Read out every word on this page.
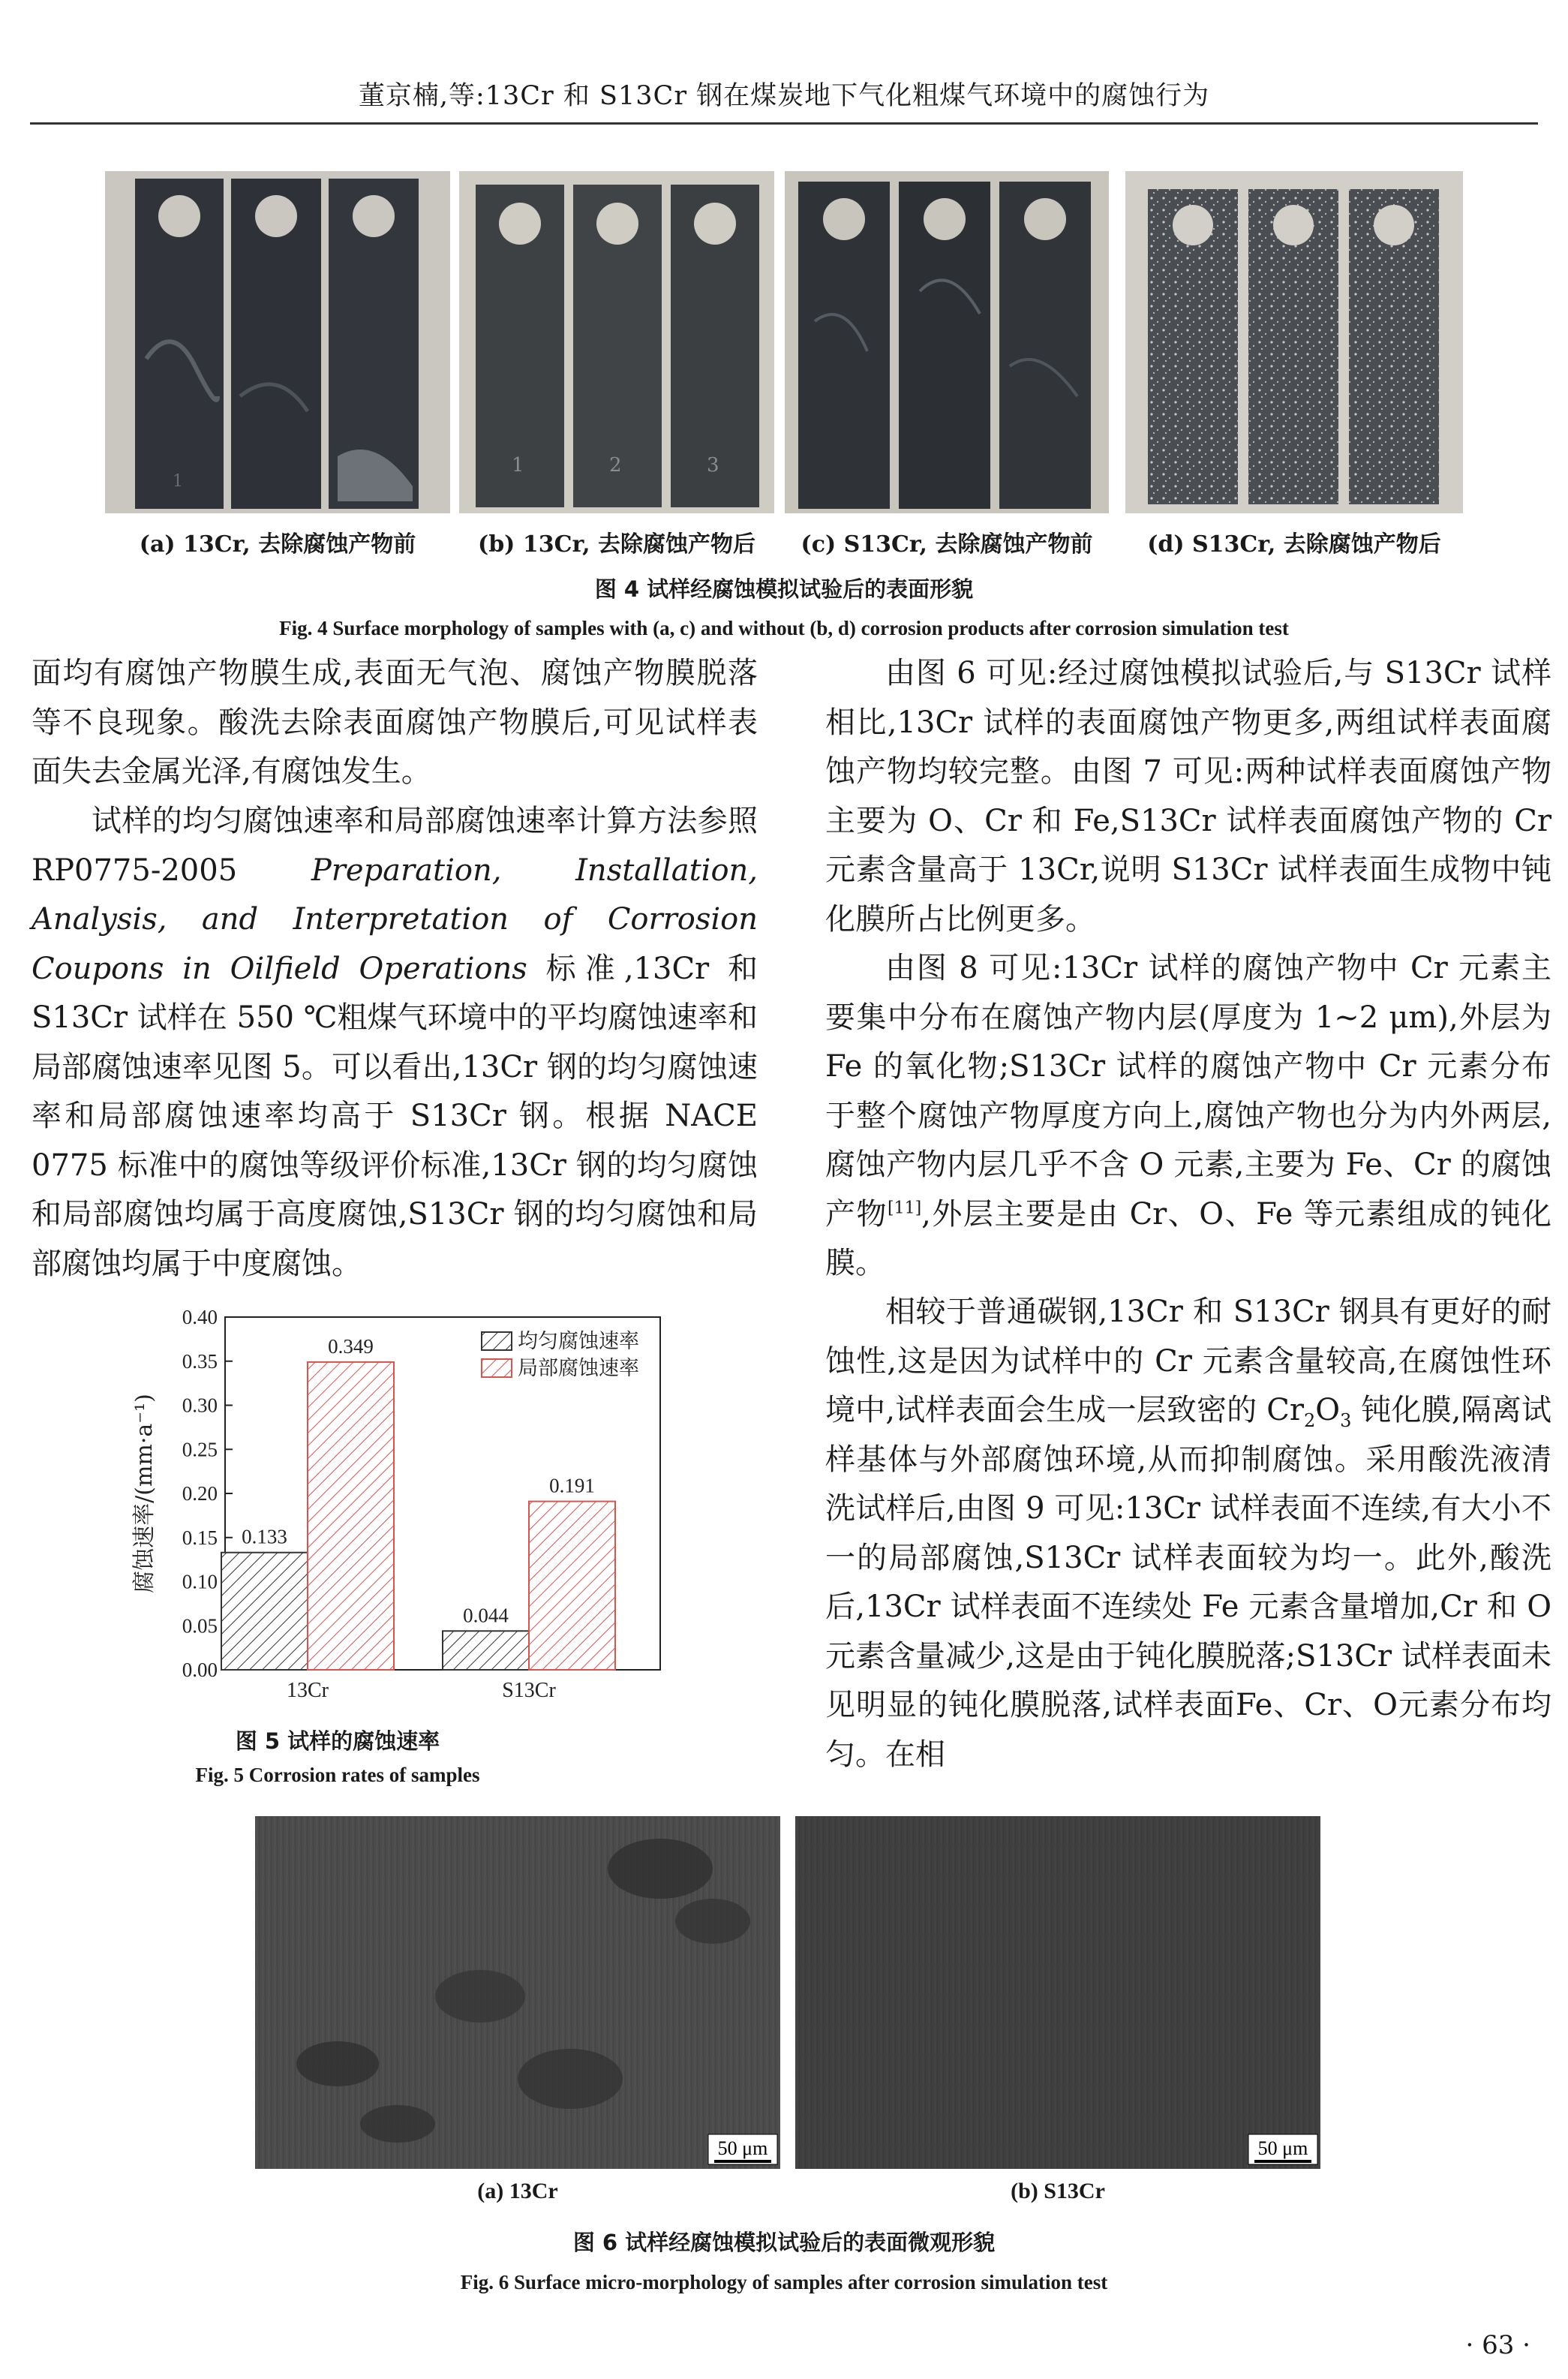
董京楠,等:13Cr 和 S13Cr 钢在煤炭地下气化粗煤气环境中的腐蚀行为
1
1	2	3
(a) 13Cr, 去除腐蚀产物前	(b) 13Cr, 去除腐蚀产物后	(c) S13Cr, 去除腐蚀产物前	(d) S13Cr, 去除腐蚀产物后
图 4 试样经腐蚀模拟试验后的表面形貌
Fig. 4 Surface morphology of samples with (a, c) and without (b, d) corrosion products after corrosion simulation test

面均有腐蚀产物膜生成,表面无气泡、腐蚀产物膜脱落等不良现象。酸洗去除表面腐蚀产物膜后,可见试样表面失去金属光泽,有腐蚀发生。

试样的均匀腐蚀速率和局部腐蚀速率计算方法参照 RP0775-2005 Preparation, Installation, Analysis, and Interpretation of Corrosion Coupons in Oilfield Operations 标准,13Cr 和 S13Cr 试样在 550 ℃粗煤气环境中的平均腐蚀速率和局部腐蚀速率见图 5。可以看出,13Cr 钢的均匀腐蚀速率和局部腐蚀速率均高于 S13Cr 钢。根据 NACE 0775 标准中的腐蚀等级评价标准,13Cr 钢的均匀腐蚀和局部腐蚀均属于高度腐蚀,S13Cr 钢的均匀腐蚀和局部腐蚀均属于中度腐蚀。

0.00
0.05
0.10
0.15
0.20
0.25
0.30
0.35
0.40
腐蚀速率/(mm·a⁻¹)
13Cr
0.133
0.349
S13Cr
0.044
0.191
均匀腐蚀速率
局部腐蚀速率
图 5 试样的腐蚀速率
Fig. 5 Corrosion rates of samples

由图 6 可见:经过腐蚀模拟试验后,与 S13Cr 试样相比,13Cr 试样的表面腐蚀产物更多,两组试样表面腐蚀产物均较完整。由图 7 可见:两种试样表面腐蚀产物主要为 O、Cr 和 Fe,S13Cr 试样表面腐蚀产物的 Cr 元素含量高于 13Cr,说明 S13Cr 试样表面生成物中钝化膜所占比例更多。

由图 8 可见:13Cr 试样的腐蚀产物中 Cr 元素主要集中分布在腐蚀产物内层(厚度为 1~2 μm),外层为 Fe 的氧化物;S13Cr 试样的腐蚀产物中 Cr 元素分布于整个腐蚀产物厚度方向上,腐蚀产物也分为内外两层,腐蚀产物内层几乎不含 O 元素,主要为 Fe、Cr 的腐蚀产物[11],外层主要是由 Cr、O、Fe 等元素组成的钝化膜。

相较于普通碳钢,13Cr 和 S13Cr 钢具有更好的耐蚀性,这是因为试样中的 Cr 元素含量较高,在腐蚀性环境中,试样表面会生成一层致密的 $Cr_2O_3$ 钝化膜,隔离试样基体与外部腐蚀环境,从而抑制腐蚀。采用酸洗液清洗试样后,由图 9 可见:13Cr 试样表面不连续,有大小不一的局部腐蚀,S13Cr 试样表面较为均一。此外,酸洗后,13Cr 试样表面不连续处 Fe 元素含量增加,Cr 和 O 元素含量减少,这是由于钝化膜脱落;S13Cr 试样表面未见明显的钝化膜脱落,试样表面Fe、Cr、O元素分布均匀。在相

50 μm	50 μm
(a) 13Cr	(b) S13Cr
图 6 试样经腐蚀模拟试验后的表面微观形貌
Fig. 6 Surface micro-morphology of samples after corrosion simulation test
· 63 ·
